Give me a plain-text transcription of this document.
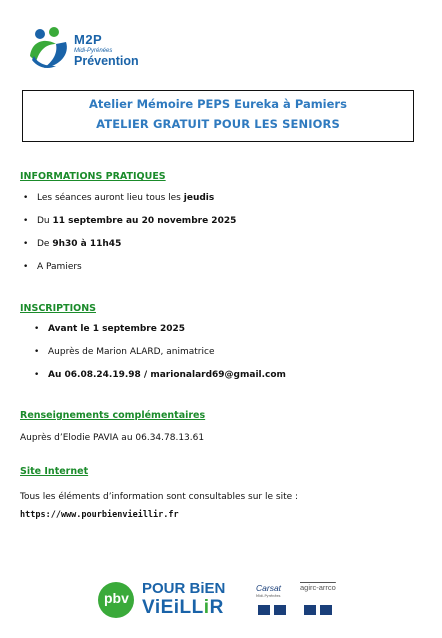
M2P
Midi-Pyrénées
Prévention
Atelier Mémoire PEPS Eureka à Pamiers
ATELIER GRATUIT POUR LES SENIORS
INFORMATIONS PRATIQUES
• Les séances auront lieu tous les jeudis
• Du 11 septembre au 20 novembre 2025
• De 9h30 à 11h45
• A Pamiers
INSCRIPTIONS
• Avant le 1 septembre 2025
• Auprès de Marion ALARD, animatrice
• Au 06.08.24.19.98 / marionalard69@gmail.com
Renseignements complémentaires
Auprès d’Elodie PAVIA au 06.34.78.13.61
Site Internet
Tous les éléments d’information sont consultables sur le site :
https://www.pourbienvieillir.fr
pbv
POUR BiEN
ViEiLLiR
Carsat
Midi-Pyrénées
agirc-arrco
